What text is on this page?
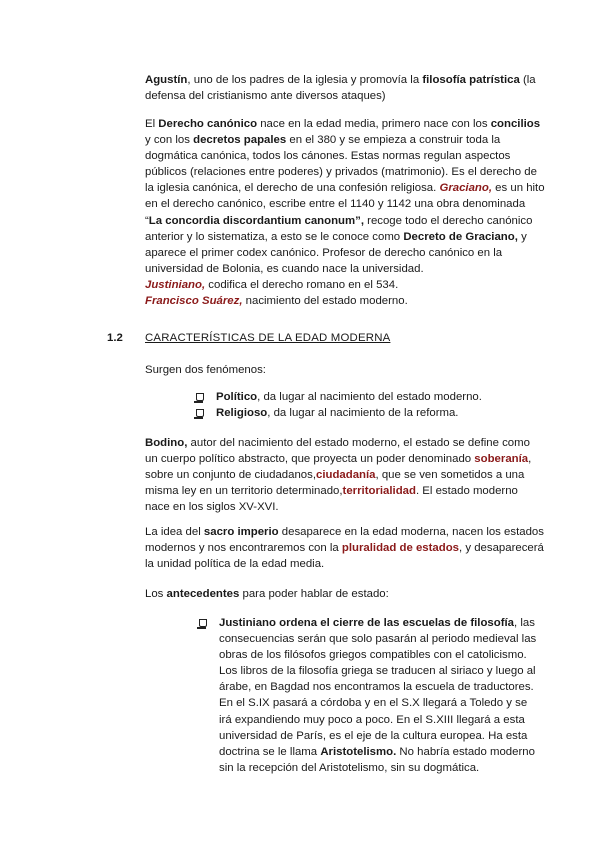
Agustín, uno de los padres de la iglesia y promovía la filosofía patrística (la defensa del cristianismo ante diversos ataques)

El Derecho canónico nace en la edad media, primero nace con los concilios y con los decretos papales en el 380 y se empieza a construir toda la dogmática canónica, todos los cánones. Estas normas regulan aspectos públicos (relaciones entre poderes) y privados (matrimonio). Es el derecho de la iglesia canónica, el derecho de una confesión religiosa. Graciano, es un hito en el derecho canónico, escribe entre el 1140 y 1142 una obra denominada “La concordia discordantium canonum”, recoge todo el derecho canónico anterior y lo sistematiza, a esto se le conoce como Decreto de Graciano, y aparece el primer codex canónico. Profesor de derecho canónico en la universidad de Bolonia, es cuando nace la universidad.
Justiniano, codifica el derecho romano en el 534.
Francisco Suárez, nacimiento del estado moderno.

1.2 CARACTERÍSTICAS DE LA EDAD MODERNA

Surgen dos fenómenos:

Político, da lugar al nacimiento del estado moderno.
Religioso, da lugar al nacimiento de la reforma.

Bodino, autor del nacimiento del estado moderno, el estado se define como un cuerpo político abstracto, que proyecta un poder denominado soberanía, sobre un conjunto de ciudadanos,ciudadanía, que se ven sometidos a una misma ley en un territorio determinado,territorialidad. El estado moderno nace en los siglos XV-XVI.

La idea del sacro imperio desaparece en la edad moderna, nacen los estados modernos y nos encontraremos con la pluralidad de estados, y desaparecerá la unidad política de la edad media.

Los antecedentes para poder hablar de estado:

Justiniano ordena el cierre de las escuelas de filosofía, las consecuencias serán que solo pasarán al periodo medieval las obras de los filósofos griegos compatibles con el catolicismo. Los libros de la filosofía griega se traducen al siriaco y luego al árabe, en Bagdad nos encontramos la escuela de traductores. En el S.IX pasará a córdoba y en el S.X llegará a Toledo y se irá expandiendo muy poco a poco. En el S.XIII llegará a esta universidad de París, es el eje de la cultura europea. Ha esta doctrina se le llama Aristotelismo. No habría estado moderno sin la recepción del Aristotelismo, sin su dogmática.
